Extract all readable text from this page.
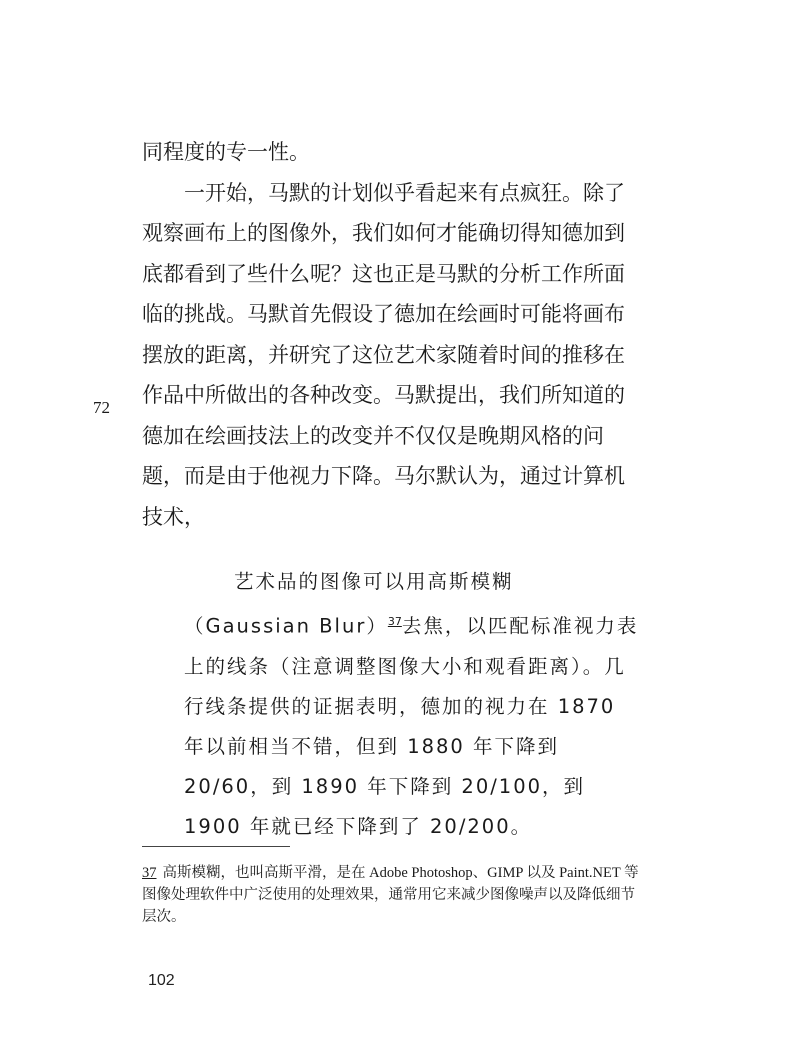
72

同程度的专一性。

一开始，马默的计划似乎看起来有点疯狂。除了观察画布上的图像外，我们如何才能确切得知德加到底都看到了些什么呢？这也正是马默的分析工作所面临的挑战。马默首先假设了德加在绘画时可能将画布摆放的距离，并研究了这位艺术家随着时间的推移在作品中所做出的各种改变。马默提出，我们所知道的德加在绘画技法上的改变并不仅仅是晚期风格的问题，而是由于他视力下降。马尔默认为，通过计算机技术，

艺术品的图像可以用高斯模糊（Gaussian Blur）$^{37}$去焦，以匹配标准视力表上的线条（注意调整图像大小和观看距离）。几行线条提供的证据表明，德加的视力在 1870 年以前相当不错，但到 1880 年下降到 20/60，到 1890 年下降到 20/100，到 1900 年就已经下降到了 20/200。

37 高斯模糊，也叫高斯平滑，是在 Adobe Photoshop、GIMP 以及 Paint.NET 等图像处理软件中广泛使用的处理效果，通常用它来减少图像噪声以及降低细节层次。
102
